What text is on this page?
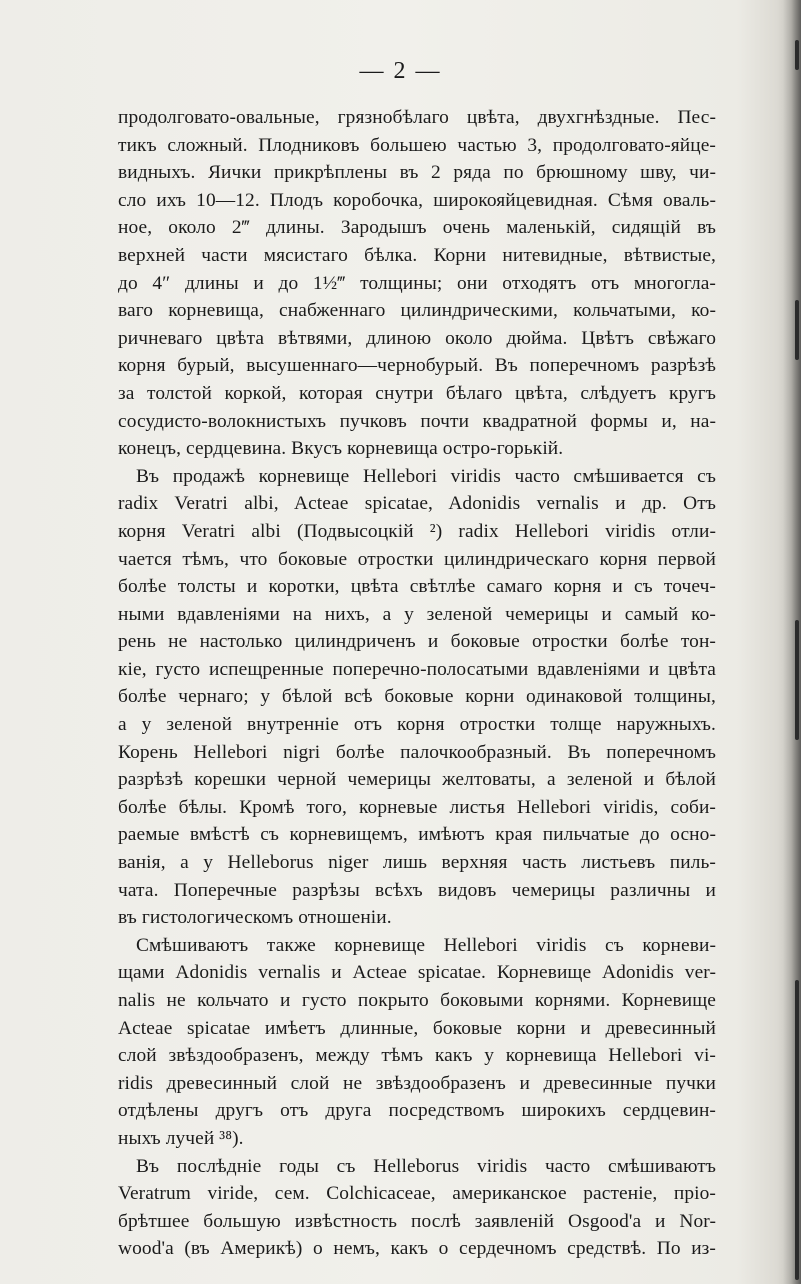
— 2 —
продолговато-овальные, грязнобѣлаго цвѣта, двухгнѣздные. Пес-
тикъ сложный. Плодниковъ большею частью 3, продолговато-яйце-
видныхъ. Яички прикрѣплены въ 2 ряда по брюшному шву, чи-
сло ихъ 10—12. Плодъ коробочка, широкояйцевидная. Сѣмя оваль-
ное, около 2‴ длины. Зародышъ очень маленькій, сидящій въ
верхней части мясистаго бѣлка. Корни нитевидные, вѣтвистые,
до 4″ длины и до 1½‴ толщины; они отходятъ отъ многогла-
ваго корневища, снабженнаго цилиндрическими, кольчатыми, ко-
ричневаго цвѣта вѣтвями, длиною около дюйма. Цвѣтъ свѣжаго
корня бурый, высушеннаго—чернобурый. Въ поперечномъ разрѣзѣ
за толстой коркой, которая снутри бѣлаго цвѣта, слѣдуетъ кругъ
сосудисто-волокнистыхъ пучковъ почти квадратной формы и, на-
конецъ, сердцевина. Вкусъ корневища остро-горькій.
Въ продажѣ корневище Helleborі viridis часто смѣшивается съ
radix Veratri albi, Acteae spicatae, Adonidis vernalis и др. Отъ
корня Veratri albi (Подвысоцкій ²) radix Hellebori viridis отли-
чается тѣмъ, что боковые отростки цилиндрическаго корня первой
болѣе толсты и коротки, цвѣта свѣтлѣе самаго корня и съ точеч-
ными вдавленіями на нихъ, а у зеленой чемерицы и самый ко-
рень не настолько цилиндриченъ и боковые отростки болѣе тон-
кіе, густо испещренные поперечно-полосатыми вдавленіями и цвѣта
болѣе чернаго; у бѣлой всѣ боковые корни одинаковой толщины,
а у зеленой внутренніе отъ корня отростки толще наружныхъ.
Корень Hellebori nigri болѣе палочкообразный. Въ поперечномъ
разрѣзѣ корешки черной чемерицы желтоваты, а зеленой и бѣлой
болѣе бѣлы. Кромѣ того, корневые листья Hellebori viridis, соби-
раемые вмѣстѣ съ корневищемъ, имѣютъ края пильчатые до осно-
ванія, а у Helleborus niger лишь верхняя часть листьевъ пиль-
чата. Поперечные разрѣзы всѣхъ видовъ чемерицы различны и
въ гистологическомъ отношеніи.
Смѣшиваютъ также корневище Hellebori viridis съ корневи-
щами Adonidis vernalis и Acteae spicatae. Корневище Adonidis ver-
nalis не кольчато и густо покрыто боковыми корнями. Корневище
Acteae spicatae имѣетъ длинные, боковые корни и древесинный
слой звѣздообразенъ, между тѣмъ какъ у корневища Hellebori vi-
ridis древесинный слой не звѣздообразенъ и древесинные пучки
отдѣлены другъ отъ друга посредствомъ широкихъ сердцевин-
ныхъ лучей ³⁸).
Въ послѣдніе годы съ Helleborus viridis часто смѣшиваютъ
Veratrum viride, сем. Colchicaceae, американское растеніе, пріо-
брѣтшее большую извѣстность послѣ заявленій Osgood'а и Nor-
wood'а (въ Америкѣ) о немъ, какъ о сердечномъ средствѣ. По из-
